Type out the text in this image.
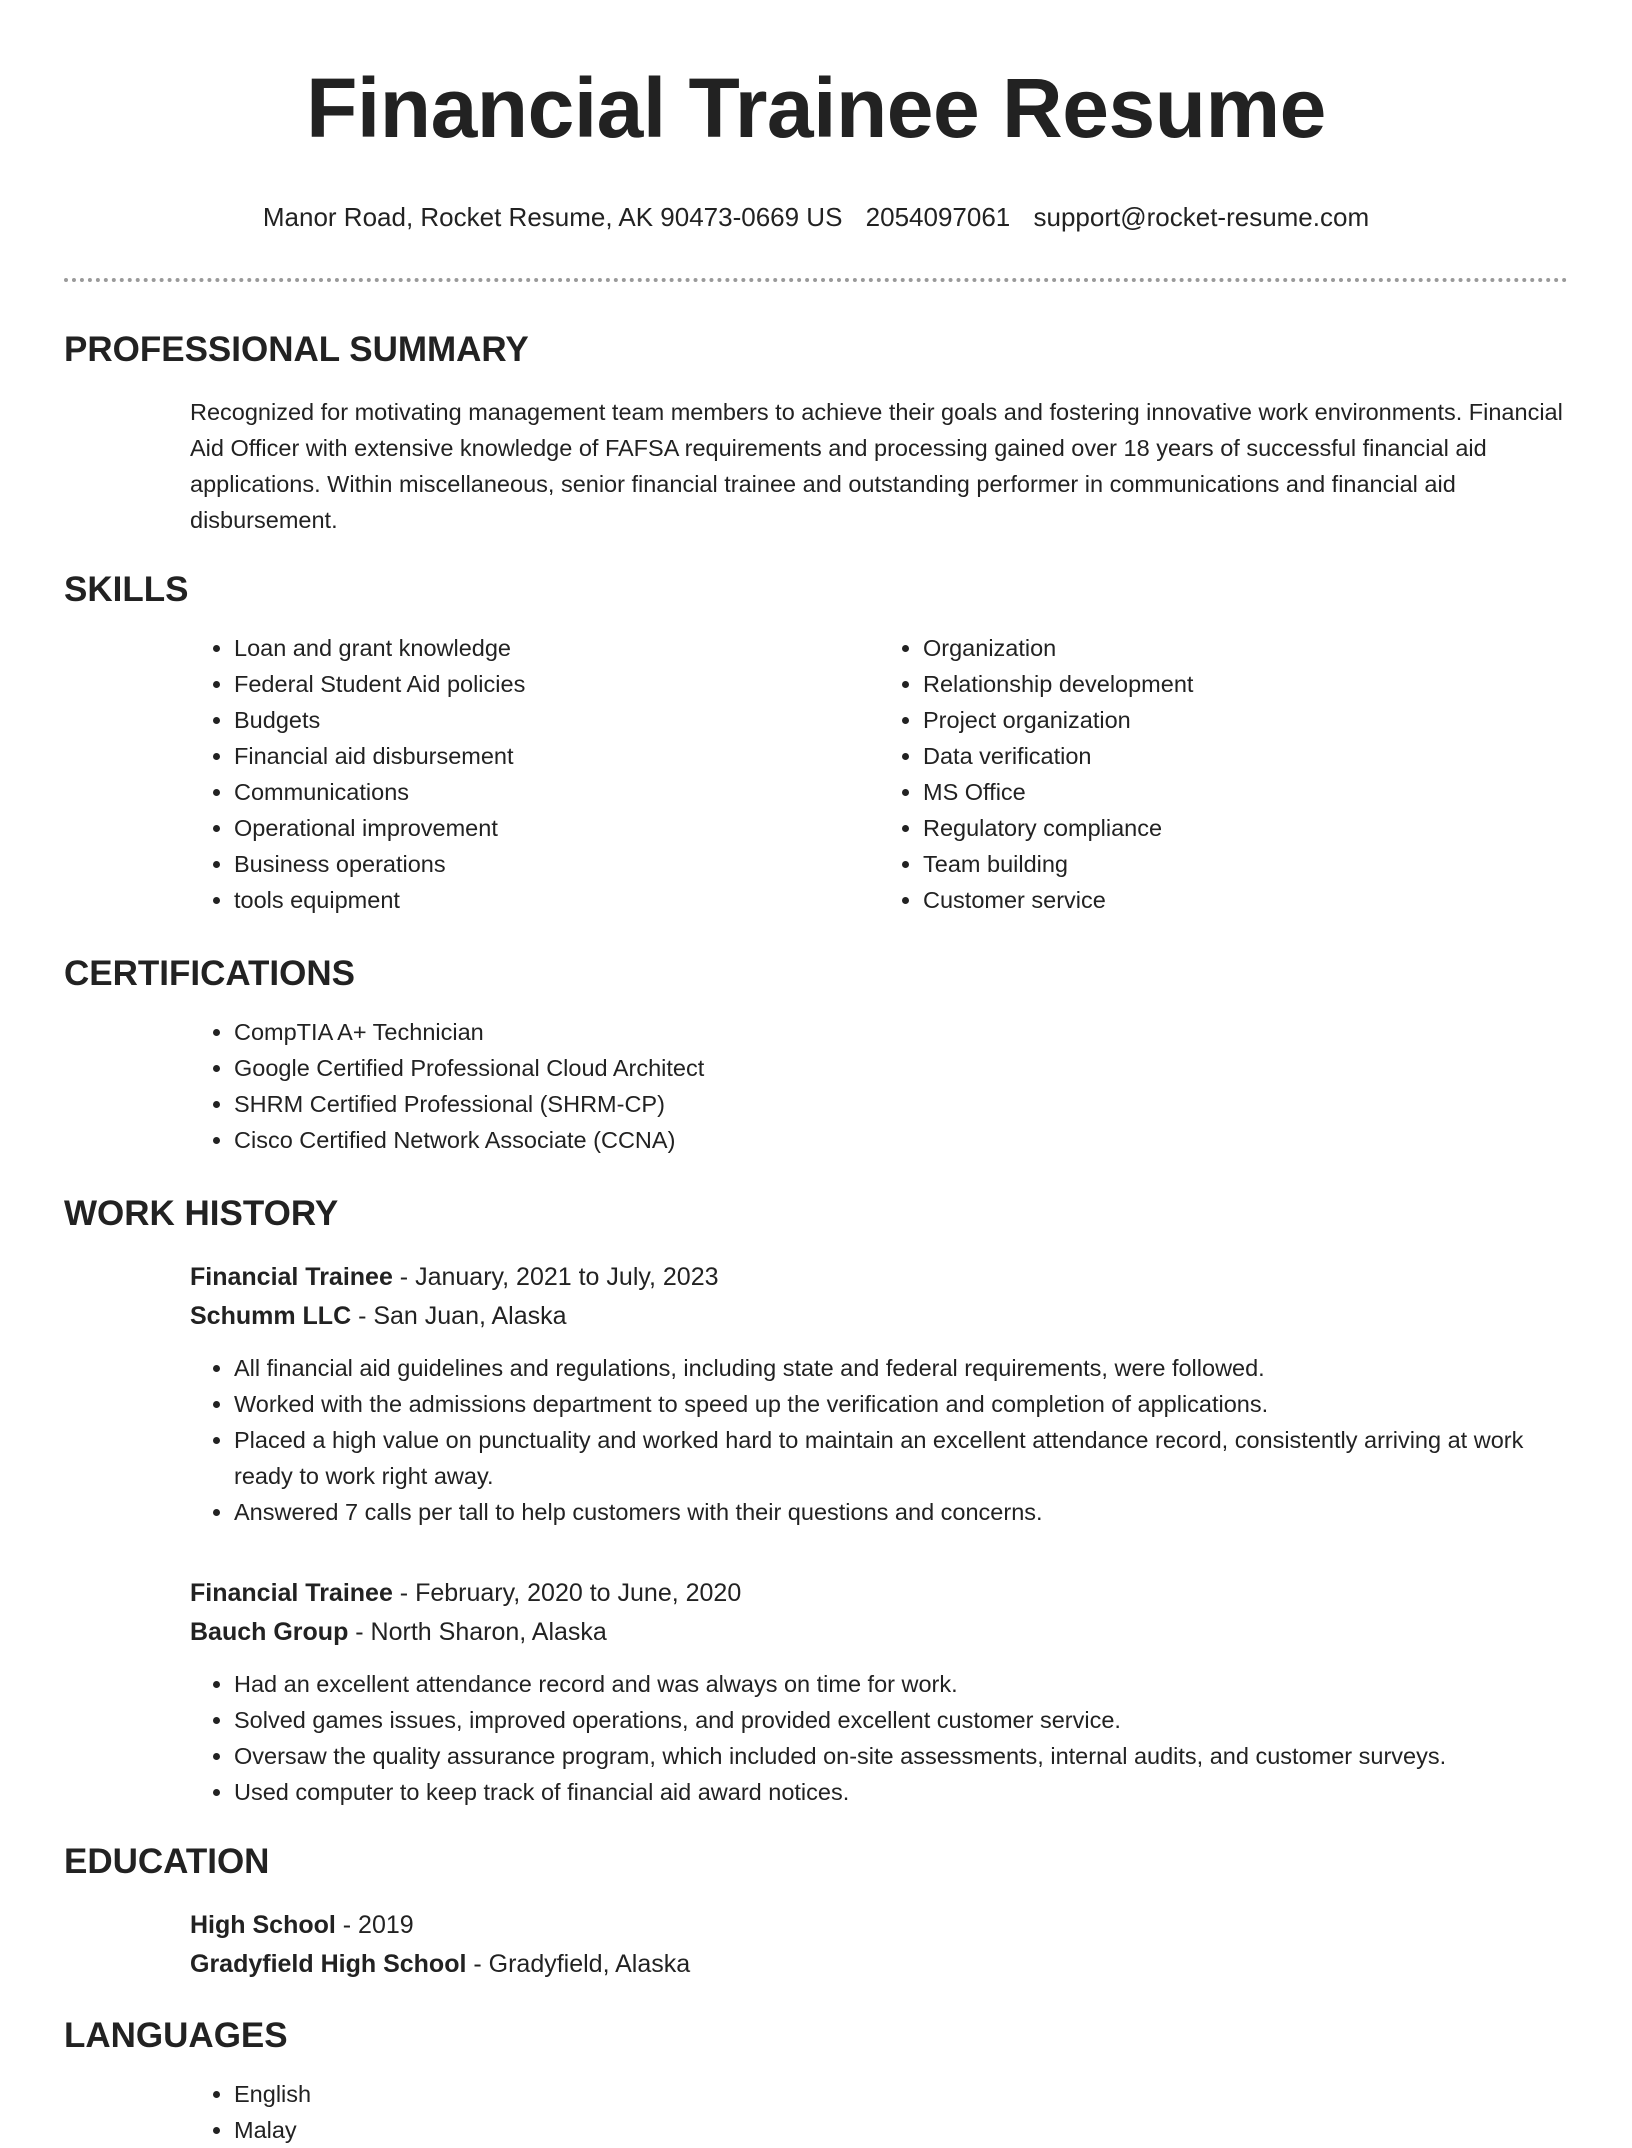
Financial Trainee Resume
Manor Road, Rocket Resume, AK 90473-0669 US 2054097061 support@rocket-resume.com
PROFESSIONAL SUMMARY
Recognized for motivating management team members to achieve their goals and fostering innovative work environments. Financial Aid Officer with extensive knowledge of FAFSA requirements and processing gained over 18 years of successful financial aid applications. Within miscellaneous, senior financial trainee and outstanding performer in communications and financial aid disbursement.
SKILLS
• Loan and grant knowledge
• Federal Student Aid policies
• Budgets
• Financial aid disbursement
• Communications
• Operational improvement
• Business operations
• tools equipment
• Organization
• Relationship development
• Project organization
• Data verification
• MS Office
• Regulatory compliance
• Team building
• Customer service
CERTIFICATIONS
• CompTIA A+ Technician
• Google Certified Professional Cloud Architect
• SHRM Certified Professional (SHRM-CP)
• Cisco Certified Network Associate (CCNA)
WORK HISTORY
Financial Trainee - January, 2021 to July, 2023
Schumm LLC - San Juan, Alaska
• All financial aid guidelines and regulations, including state and federal requirements, were followed.
• Worked with the admissions department to speed up the verification and completion of applications.
• Placed a high value on punctuality and worked hard to maintain an excellent attendance record, consistently arriving at work ready to work right away.
• Answered 7 calls per tall to help customers with their questions and concerns.
Financial Trainee - February, 2020 to June, 2020
Bauch Group - North Sharon, Alaska
• Had an excellent attendance record and was always on time for work.
• Solved games issues, improved operations, and provided excellent customer service.
• Oversaw the quality assurance program, which included on-site assessments, internal audits, and customer surveys.
• Used computer to keep track of financial aid award notices.
EDUCATION
High School - 2019
Gradyfield High School - Gradyfield, Alaska
LANGUAGES
• English
• Malay
